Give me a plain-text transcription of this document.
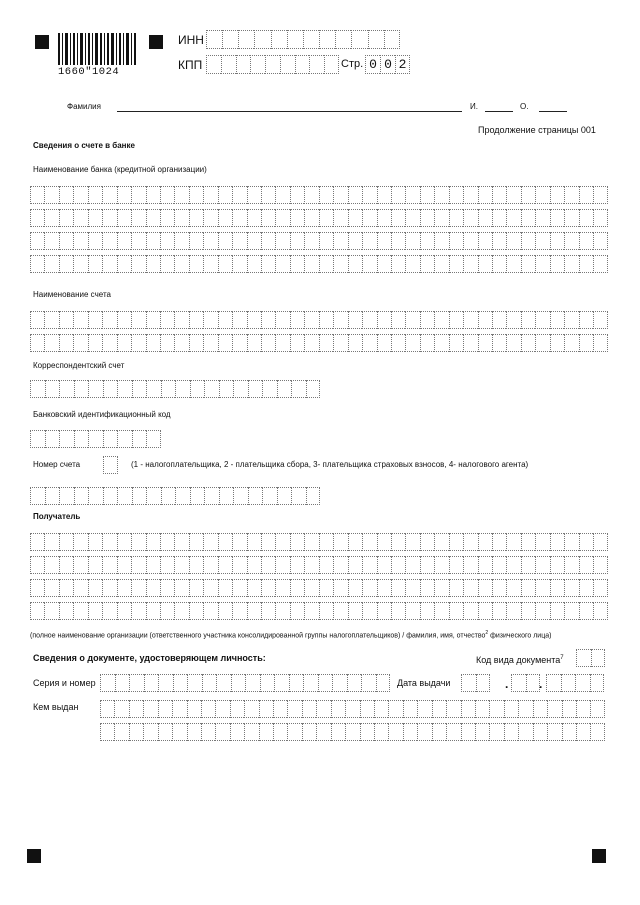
1660"1024
ИНН
КПП	Стр. 0 0 2
Фамилия	И.	О.
Продолжение страницы 001
Сведения о счете в банке
Наименование банка (кредитной организации)
Наименование счета
Корреспондентский счет
Банковский идентификационный код
Номер счета	(1 - налогоплательщика, 2 - плательщика сбора, 3- плательщика страховых взносов, 4- налогового агента)
Получатель
(полное наименование организации (ответственного участника консолидированной группы налогоплательщиков) / фамилия, имя, отчество$^2$ физического лица)
Сведения о документе, удостоверяющем личность:	Код вида документа$^7$
Серия и номер	Дата выдачи	.	.
Кем выдан
